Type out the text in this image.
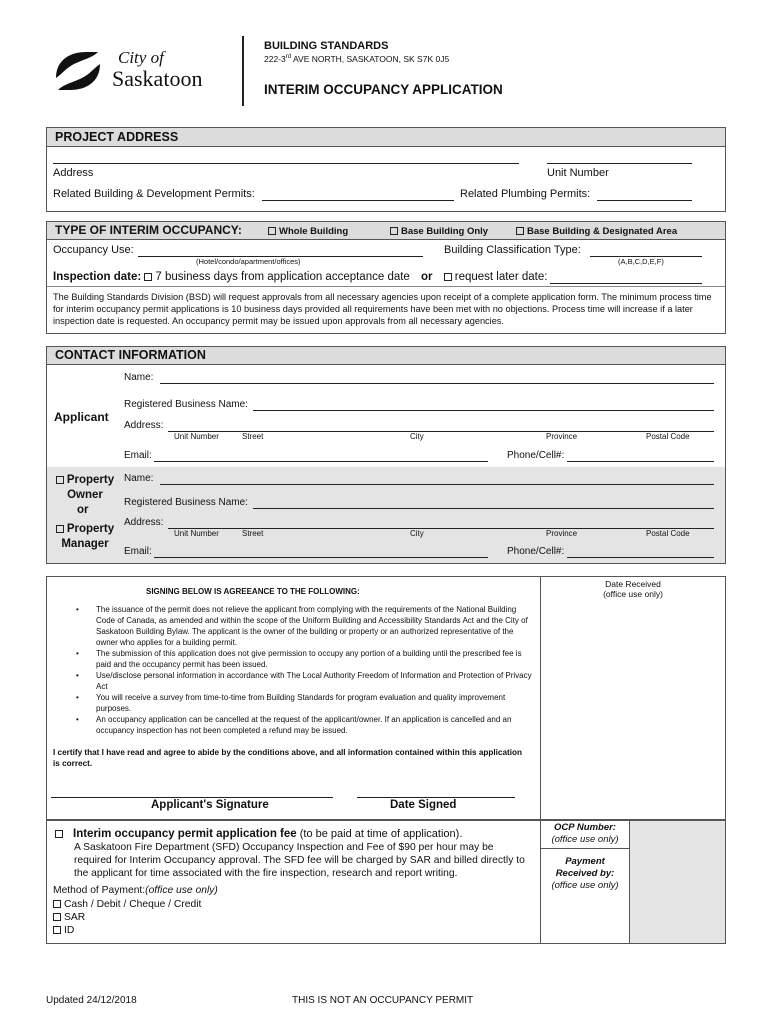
City of
Saskatoon
BUILDING STANDARDS
222-3rd AVE NORTH, SASKATOON, SK S7K 0J5
INTERIM OCCUPANCY APPLICATION
PROJECT ADDRESS
Address	Unit Number
Related Building & Development Permits:	Related Plumbing Permits:
TYPE OF INTERIM OCCUPANCY:	Whole Building	Base Building Only	Base Building & Designated Area
Occupancy Use:
(Hotel/condo/apartment/offices)
Building Classification Type:
(A,B,C,D,E,F)
Inspection date: 7 business days from application acceptance date or request later date:
The Building Standards Division (BSD) will request approvals from all necessary agencies upon receipt of a complete application form. The minimum process time for interim occupancy permit applications is 10 business days provided all requirements have been met with no objections. Process time will increase if a later inspection date is requested. An occupancy permit may be issued upon approvals from all necessary agencies.
CONTACT INFORMATION
Applicant
Name:
Registered Business Name:
Address:
Unit Number	Street	City	Province	Postal Code
Email:	Phone/Cell#:
Property
Owner
or
Property
Manager
Name:
Registered Business Name:
Address:
Unit Number	Street	City	Province	Postal Code
Email:	Phone/Cell#:
Date Received
(office use only)
SIGNING BELOW IS AGREEANCE TO THE FOLLOWING:
• The issuance of the permit does not relieve the applicant from complying with the requirements of the National Building Code of Canada, as amended and within the scope of the Uniform Building and Accessibility Standards Act and the City of Saskatoon Building Bylaw. The applicant is the owner of the building or property or an authorized representative of the owner who applies for a building permit.
• The submission of this application does not give permission to occupy any portion of a building until the prescribed fee is paid and the occupancy permit has been issued.
• Use/disclose personal information in accordance with The Local Authority Freedom of Information and Protection of Privacy Act
• You will receive a survey from time-to-time from Building Standards for program evaluation and quality improvement purposes.
• An occupancy application can be cancelled at the request of the applicant/owner. If an application is cancelled and an occupancy inspection has not been completed a refund may be issued.
I certify that I have read and agree to abide by the conditions above, and all information contained within this application is correct.
Applicant's Signature	Date Signed
Interim occupancy permit application fee (to be paid at time of application).
A Saskatoon Fire Department (SFD) Occupancy Inspection and Fee of $90 per hour may be required for Interim Occupancy approval. The SFD fee will be charged by SAR and billed directly to the applicant for time associated with the fire inspection, research and report writing.
Method of Payment:(office use only)
Cash / Debit / Cheque / Credit
SAR
ID
OCP Number:
(office use only)
Payment
Received by:
(office use only)
Updated 24/12/2018	THIS IS NOT AN OCCUPANCY PERMIT
